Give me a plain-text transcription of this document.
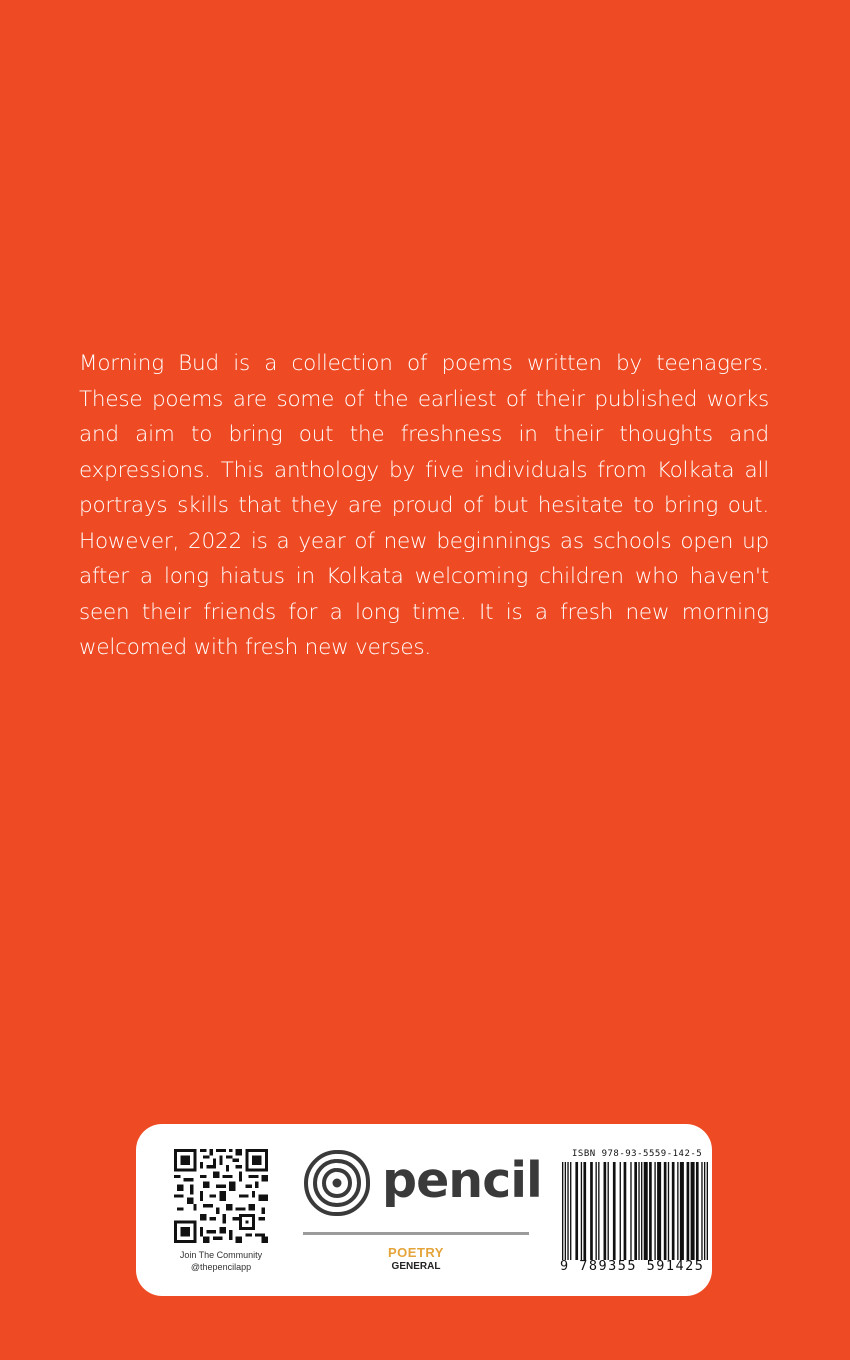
Morning Bud is a collection of poems written by teenagers. These poems are some of the earliest of their published works and aim to bring out the freshness in their thoughts and expressions. This anthology by five individuals from Kolkata all portrays skills that they are proud of but hesitate to bring out. However, 2022 is a year of new beginnings as schools open up after a long hiatus in Kolkata welcoming children who haven't seen their friends for a long time. It is a fresh new morning welcomed with fresh new verses.
Join The Community
@thepencilapp
pencil
POETRY
GENERAL
ISBN 978-93-5559-142-5
9 789355 591425
